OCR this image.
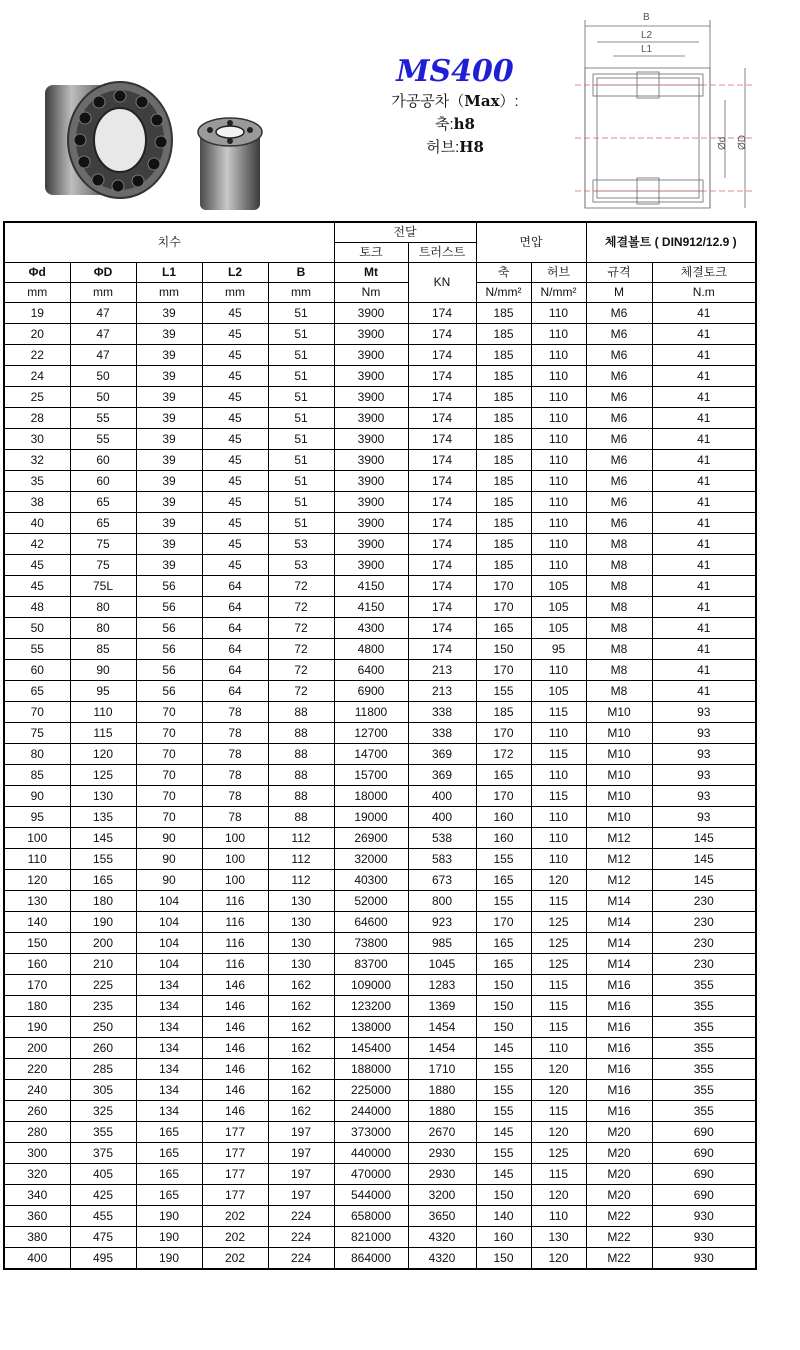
MS400

가공공차（Max）:

축:h8

허브:H8

B
L2
L1
Ød ØD
치수					전달		면압		체결볼트 ( DIN912/12.9 )	
					토크	트러스트				
Φd	ΦD	L1	L2	B	Mt	KN	축	허브	규격	체결토크
mm	mm	mm	mm	mm	Nm		N/mm²	N/mm²	M	N.m
19	47	39	45	51	3900	174	185	110	M6	41
20	47	39	45	51	3900	174	185	110	M6	41
22	47	39	45	51	3900	174	185	110	M6	41
24	50	39	45	51	3900	174	185	110	M6	41
25	50	39	45	51	3900	174	185	110	M6	41
28	55	39	45	51	3900	174	185	110	M6	41
30	55	39	45	51	3900	174	185	110	M6	41
32	60	39	45	51	3900	174	185	110	M6	41
35	60	39	45	51	3900	174	185	110	M6	41
38	65	39	45	51	3900	174	185	110	M6	41
40	65	39	45	51	3900	174	185	110	M6	41
42	75	39	45	53	3900	174	185	110	M8	41
45	75	39	45	53	3900	174	185	110	M8	41
45	75L	56	64	72	4150	174	170	105	M8	41
48	80	56	64	72	4150	174	170	105	M8	41
50	80	56	64	72	4300	174	165	105	M8	41
55	85	56	64	72	4800	174	150	95	M8	41
60	90	56	64	72	6400	213	170	110	M8	41
65	95	56	64	72	6900	213	155	105	M8	41
70	110	70	78	88	11800	338	185	115	M10	93
75	115	70	78	88	12700	338	170	110	M10	93
80	120	70	78	88	14700	369	172	115	M10	93
85	125	70	78	88	15700	369	165	110	M10	93
90	130	70	78	88	18000	400	170	115	M10	93
95	135	70	78	88	19000	400	160	110	M10	93
100	145	90	100	112	26900	538	160	110	M12	145
110	155	90	100	112	32000	583	155	110	M12	145
120	165	90	100	112	40300	673	165	120	M12	145
130	180	104	116	130	52000	800	155	115	M14	230
140	190	104	116	130	64600	923	170	125	M14	230
150	200	104	116	130	73800	985	165	125	M14	230
160	210	104	116	130	83700	1045	165	125	M14	230
170	225	134	146	162	109000	1283	150	115	M16	355
180	235	134	146	162	123200	1369	150	115	M16	355
190	250	134	146	162	138000	1454	150	115	M16	355
200	260	134	146	162	145400	1454	145	110	M16	355
220	285	134	146	162	188000	1710	155	120	M16	355
240	305	134	146	162	225000	1880	155	120	M16	355
260	325	134	146	162	244000	1880	155	115	M16	355
280	355	165	177	197	373000	2670	145	120	M20	690
300	375	165	177	197	440000	2930	155	125	M20	690
320	405	165	177	197	470000	2930	145	115	M20	690
340	425	165	177	197	544000	3200	150	120	M20	690
360	455	190	202	224	658000	3650	140	110	M22	930
380	475	190	202	224	821000	4320	160	130	M22	930
400	495	190	202	224	864000	4320	150	120	M22	930
